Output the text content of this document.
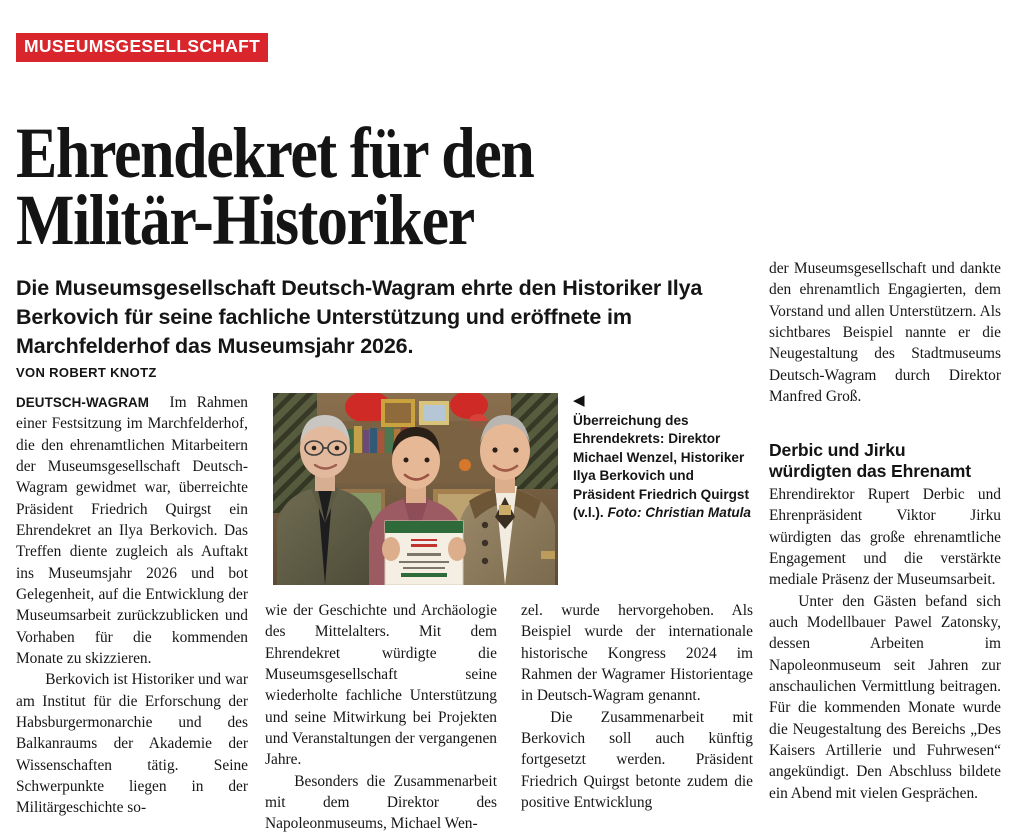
MUSEUMSGESELLSCHAFT
Ehrendekret für den
Militär-Historiker

Die Museumsgesellschaft Deutsch-Wagram ehrte den Historiker Ilya Berkovich für seine fachliche Unterstützung und eröffnete im Marchfelderhof das Museumsjahr 2026.

VON ROBERT KNOTZ

DEUTSCH-WAGRAM Im Rahmen einer Festsitzung im Marchfelderhof, die den ehrenamtlichen Mitarbeitern der Museumsgesellschaft Deutsch-Wagram gewidmet war, überreichte Präsident Friedrich Quirgst ein Ehrendekret an Ilya Berkovich. Das Treffen diente zugleich als Auftakt ins Museumsjahr 2026 und bot Gelegenheit, auf die Entwicklung der Museumsarbeit zurückzublicken und Vorhaben für die kommenden Monate zu skizzieren.

Berkovich ist Historiker und war am Institut für die Erforschung der Habsburgermonarchie und des Balkanraums der Akademie der Wissenschaften tätig. Seine Schwerpunkte liegen in der Militärgeschichte so-

◀
Überreichung des Ehrendekrets: Direktor Michael Wenzel, Historiker Ilya Berkovich und Präsident Friedrich Quirgst (v.l.). Foto: Christian Matula

wie der Geschichte und Archäologie des Mittelalters. Mit dem Ehrendekret würdigte die Museumsgesellschaft seine wiederholte fachliche Unterstützung und seine Mitwirkung bei Projekten und Veranstaltungen der vergangenen Jahre.

Besonders die Zusammenarbeit mit dem Direktor des Napoleonmuseums, Michael Wen-

zel. wurde hervorgehoben. Als Beispiel wurde der internationale historische Kongress 2024 im Rahmen der Wagramer Historientage in Deutsch-Wagram genannt.

Die Zusammenarbeit mit Berkovich soll auch künftig fortgesetzt werden. Präsident Friedrich Quirgst betonte zudem die positive Entwicklung

der Museumsgesellschaft und dankte den ehrenamtlich Engagierten, dem Vorstand und allen Unterstützern. Als sichtbares Beispiel nannte er die Neugestaltung des Stadtmuseums Deutsch-Wagram durch Direktor Manfred Groß.

Derbic und Jirku
würdigten das Ehrenamt

Ehrendirektor Rupert Derbic und Ehrenpräsident Viktor Jirku würdigten das große ehrenamtliche Engagement und die verstärkte mediale Präsenz der Museumsarbeit.

Unter den Gästen befand sich auch Modellbauer Pawel Zatonsky, dessen Arbeiten im Napoleonmuseum seit Jahren zur anschaulichen Vermittlung beitragen. Für die kommenden Monate wurde die Neugestaltung des Bereichs „Des Kaisers Artillerie und Fuhrwesen“ angekündigt. Den Abschluss bildete ein Abend mit vielen Gesprächen.
